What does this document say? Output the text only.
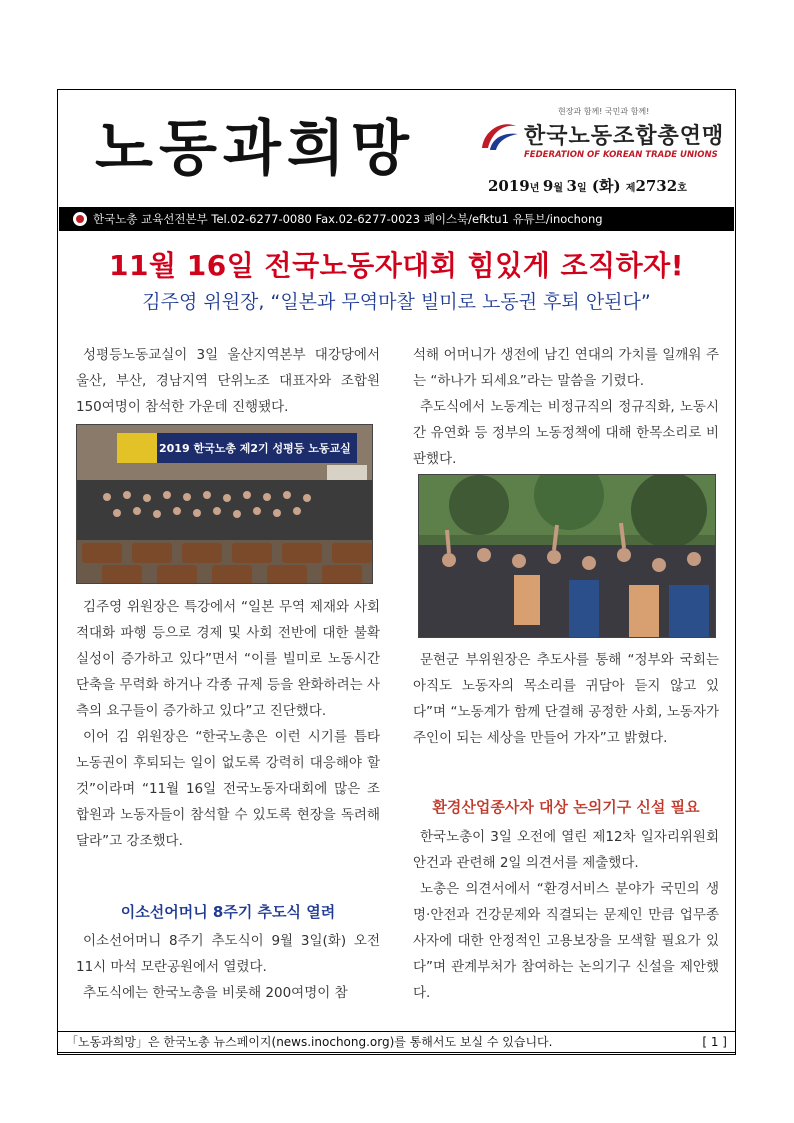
노동과희망
현장과 함께! 국민과 함께!
한국노동조합총연맹
FEDERATION OF KOREAN TRADE UNIONS
2019년 9월 3일 (화) 제2732호
한국노총 교육선전본부 Tel.02-6277-0080 Fax.02-6277-0023 페이스북/efktu1 유튜브/inochong
11월 16일 전국노동자대회 힘있게 조직하자!
김주영 위원장, “일본과 무역마찰 빌미로 노동권 후퇴 안된다”

성평등노동교실이 3일 울산지역본부 대강당에서 울산, 부산, 경남지역 단위노조 대표자와 조합원 150여명이 참석한 가운데 진행됐다.

2019 한국노총 제2기 성평등 노동교실

김주영 위원장은 특강에서 “일본 무역 제재와 사회적대화 파행 등으로 경제 및 사회 전반에 대한 불확실성이 증가하고 있다”면서 “이를 빌미로 노동시간단축을 무력화 하거나 각종 규제 등을 완화하려는 사측의 요구들이 증가하고 있다”고 진단했다.

이어 김 위원장은 “한국노총은 이런 시기를 틈타 노동권이 후퇴되는 일이 없도록 강력히 대응해야 할 것”이라며 “11월 16일 전국노동자대회에 많은 조합원과 노동자들이 참석할 수 있도록 현장을 독려해달라”고 강조했다.

이소선어머니 8주기 추도식 열려

이소선어머니 8주기 추도식이 9월 3일(화) 오전 11시 마석 모란공원에서 열렸다.

추도식에는 한국노총을 비롯해 200여명이 참

석해 어머니가 생전에 남긴 연대의 가치를 일깨워 주는 “하나가 되세요”라는 말씀을 기렸다.

추도식에서 노동계는 비정규직의 정규직화, 노동시간 유연화 등 정부의 노동정책에 대해 한목소리로 비판했다.

문현군 부위원장은 추도사를 통해 “정부와 국회는 아직도 노동자의 목소리를 귀담아 듣지 않고 있다”며 “노동계가 함께 단결해 공정한 사회, 노동자가 주인이 되는 세상을 만들어 가자”고 밝혔다.

환경산업종사자 대상 논의기구 신설 필요

한국노총이 3일 오전에 열린 제12차 일자리위원회 안건과 관련해 2일 의견서를 제출했다.

노총은 의견서에서 “환경서비스 분야가 국민의 생명·안전과 건강문제와 직결되는 문제인 만큼 업무종사자에 대한 안정적인 고용보장을 모색할 필요가 있다”며 관계부처가 참여하는 논의기구 신설을 제안했다.

「노동과희망」은 한국노총 뉴스페이지(news.inochong.org)를 통해서도 보실 수 있습니다.	[ 1 ]
